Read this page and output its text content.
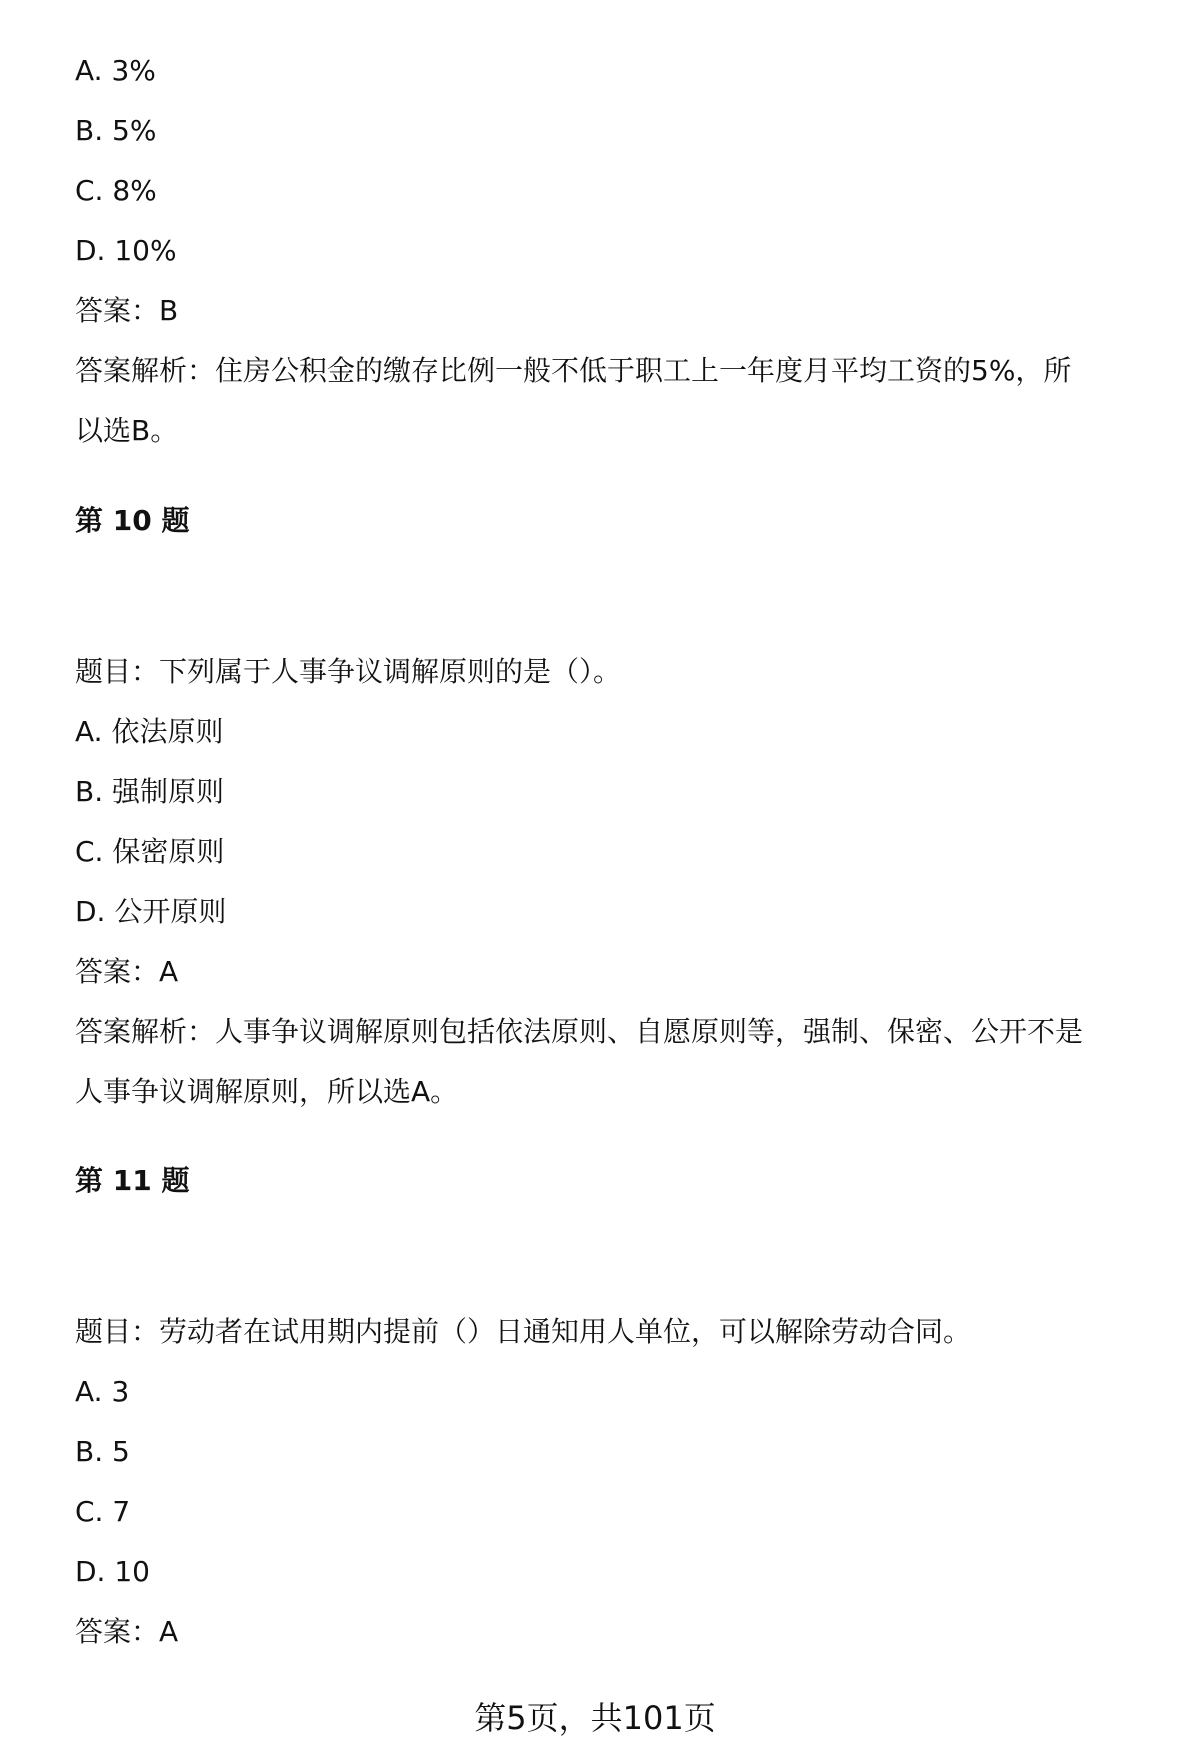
A. 3%
B. 5%
C. 8%
D. 10%
答案：B
答案解析：住房公积金的缴存比例一般不低于职工上一年度月平均工资的5%，所
以选B。
第 10 题
题目：下列属于人事争议调解原则的是（）。
A. 依法原则
B. 强制原则
C. 保密原则
D. 公开原则
答案：A
答案解析：人事争议调解原则包括依法原则、自愿原则等，强制、保密、公开不是
人事争议调解原则，所以选A。
第 11 题
题目：劳动者在试用期内提前（）日通知用人单位，可以解除劳动合同。
A. 3
B. 5
C. 7
D. 10
答案：A
第5页，共101页
